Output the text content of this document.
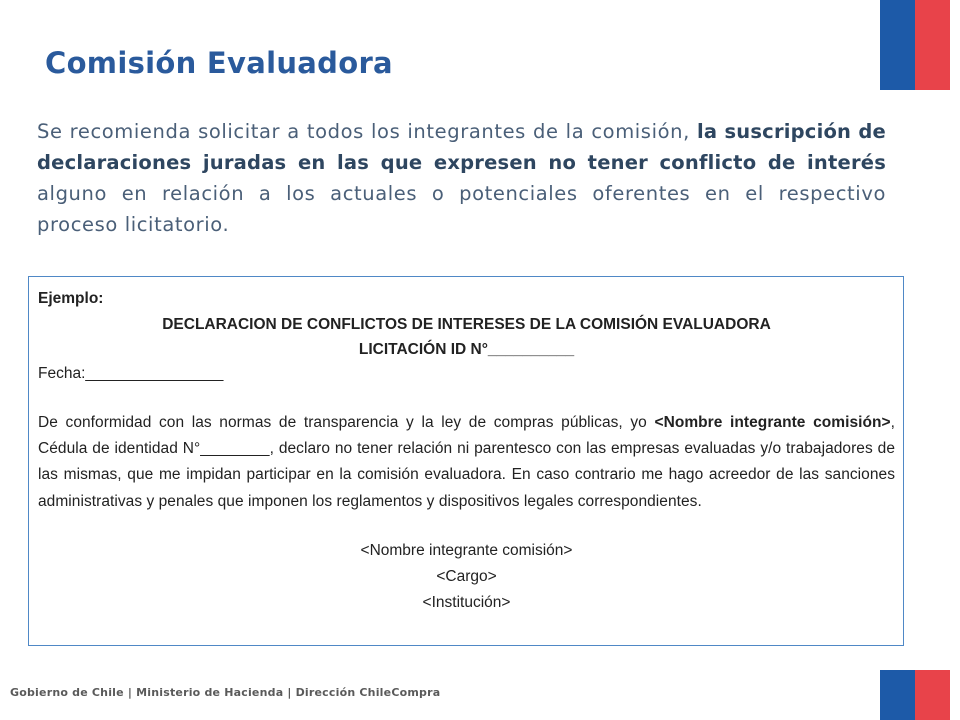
Comisión Evaluadora

Se recomienda solicitar a todos los integrantes de la comisión, la suscripción de declaraciones juradas en las que expresen no tener conflicto de interés alguno en relación a los actuales o potenciales oferentes en el respectivo proceso licitatorio.

Ejemplo:

DECLARACION DE CONFLICTOS DE INTERESES DE LA COMISIÓN EVALUADORA

LICITACIÓN ID N°__________

Fecha:________________

De conformidad con las normas de transparencia y la ley de compras públicas, yo <Nombre integrante comisión>, Cédula de identidad N°________, declaro no tener relación ni parentesco con las empresas evaluadas y/o trabajadores de las mismas, que me impidan participar en la comisión evaluadora. En caso contrario me hago acreedor de las sanciones administrativas y penales que imponen los reglamentos y dispositivos legales correspondientes.

<Nombre integrante comisión>

<Cargo>

<Institución>

Gobierno de Chile | Ministerio de Hacienda | Dirección ChileCompra
